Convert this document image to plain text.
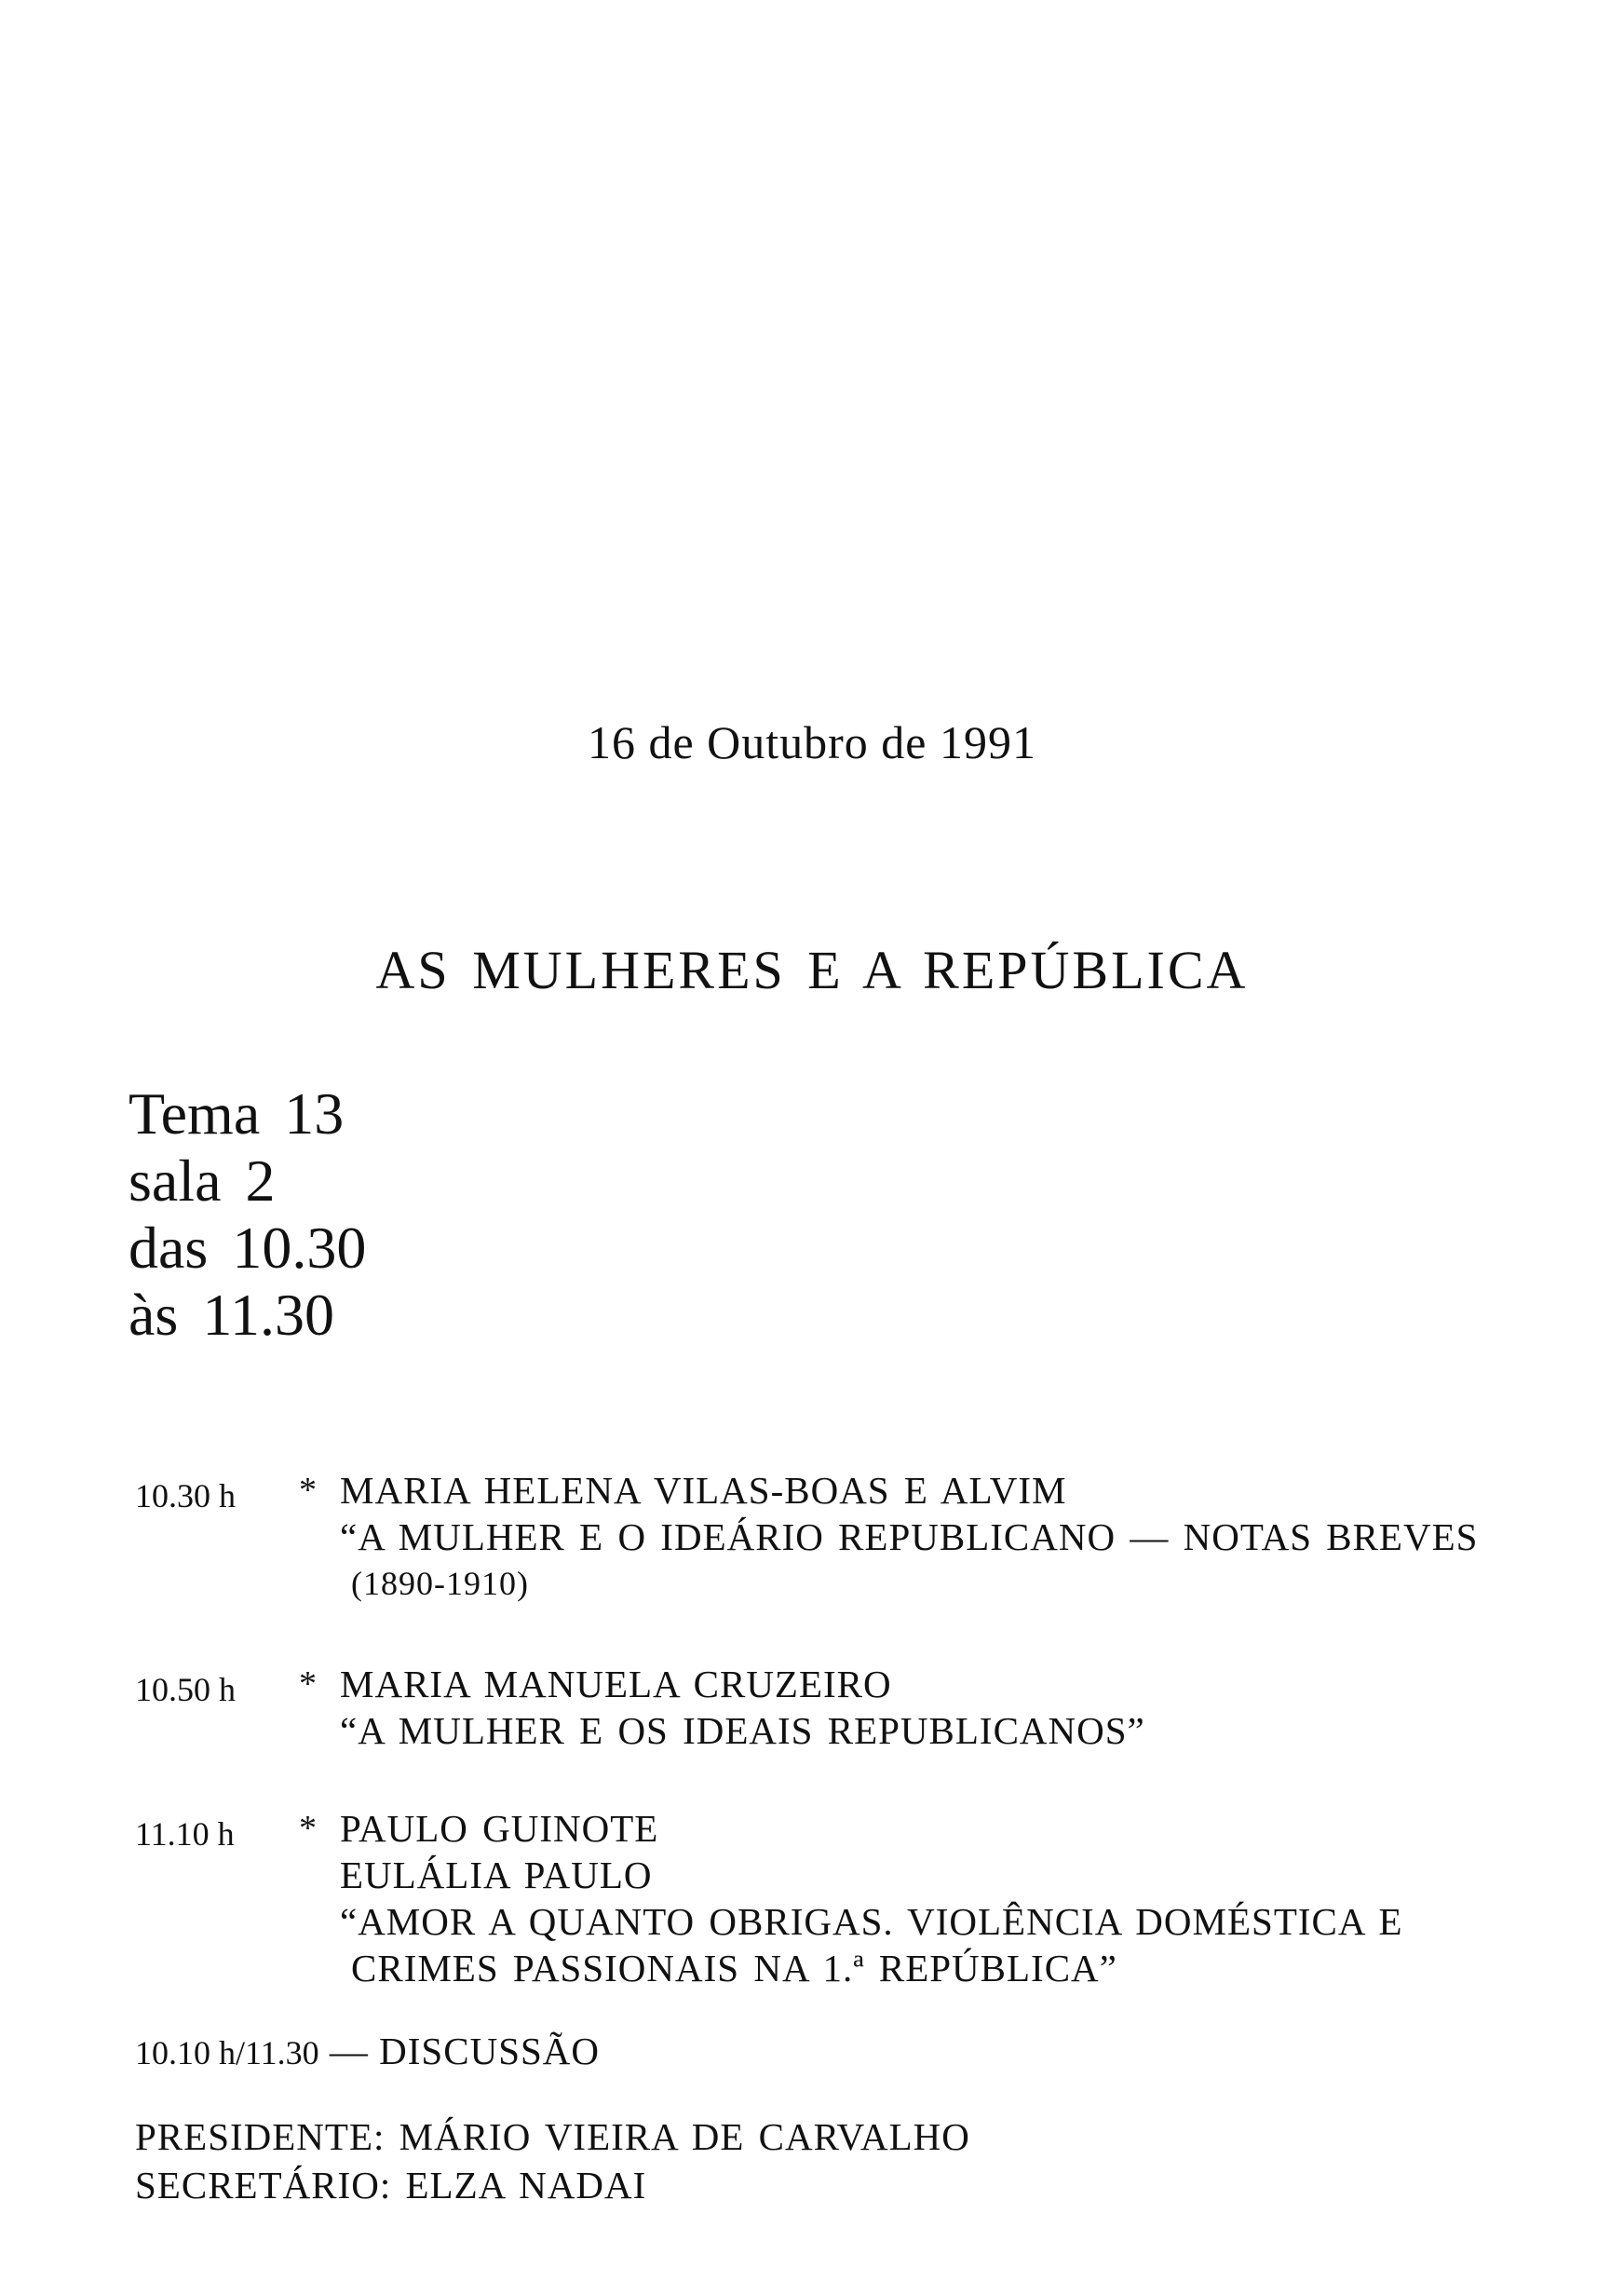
16 de Outubro de 1991
AS MULHERES E A REPÚBLICA
Tema 13
sala 2
das 10.30
às 11.30
10.30 h * MARIA HELENA VILAS-BOAS E ALVIM
“A MULHER E O IDEÁRIO REPUBLICANO — NOTAS BREVES
(1890-1910)
10.50 h * MARIA MANUELA CRUZEIRO
“A MULHER E OS IDEAIS REPUBLICANOS”
11.10 h * PAULO GUINOTE
EULÁLIA PAULO
“AMOR A QUANTO OBRIGAS. VIOLÊNCIA DOMÉSTICA E
CRIMES PASSIONAIS NA 1.ª REPÚBLICA”
10.10 h/11.30 — DISCUSSÃO
PRESIDENTE: MÁRIO VIEIRA DE CARVALHO
SECRETÁRIO: ELZA NADAI
